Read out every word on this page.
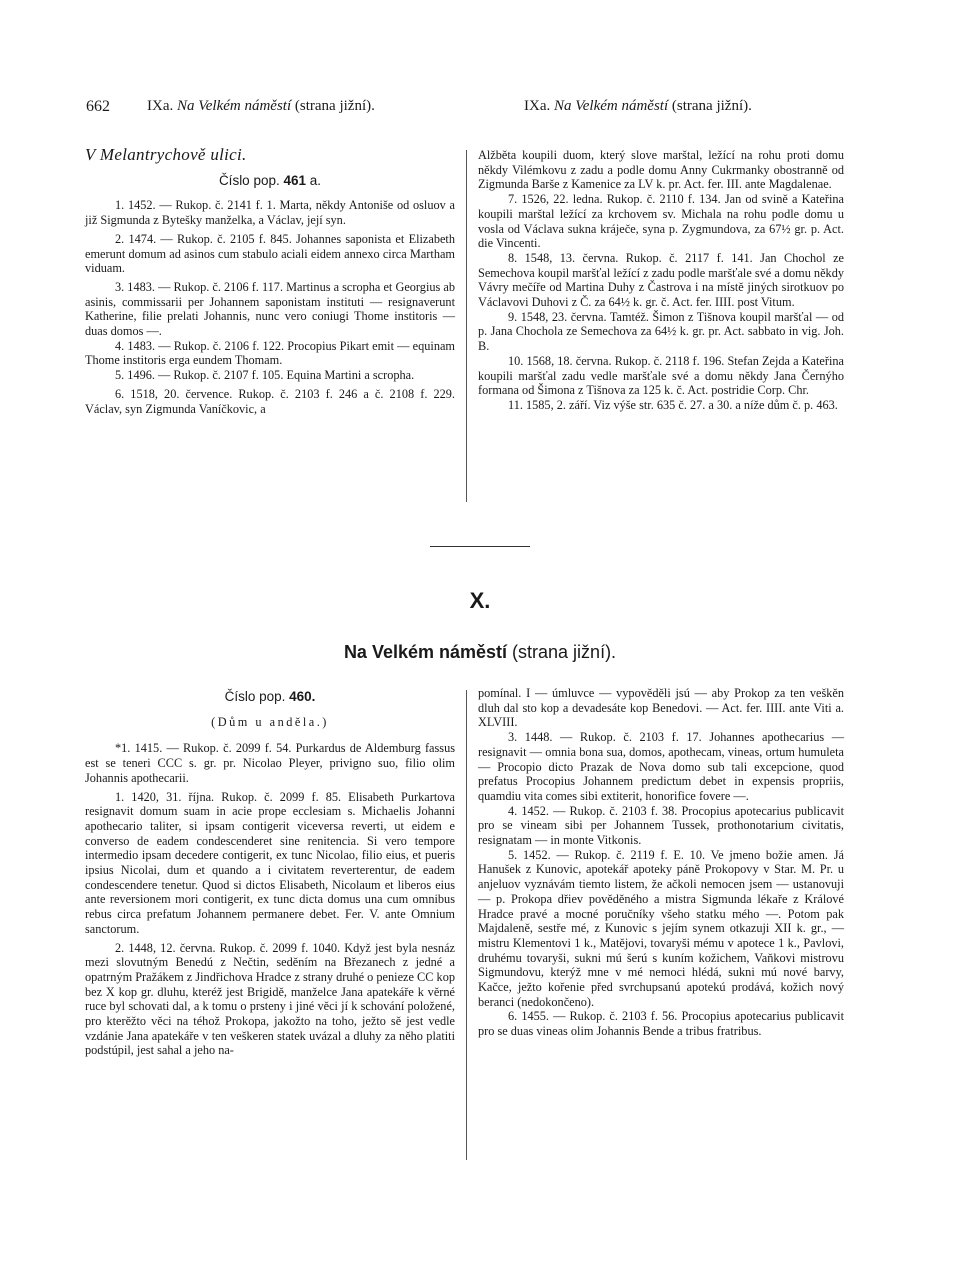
662 IXa. Na Velkém náměstí (strana jižní).	IXa. Na Velkém náměstí (strana jižní).

V Melantrychově ulici.

Číslo pop. 461 a.

1. 1452. — Rukop. č. 2141 f. 1. Marta, někdy Antoniše od osluov a již Sigmunda z Bytešky manželka, a Václav, její syn.

2. 1474. — Rukop. č. 2105 f. 845. Johannes saponista et Elizabeth emerunt domum ad asinos cum stabulo aciali eidem annexo circa Martham viduam.

3. 1483. — Rukop. č. 2106 f. 117. Martinus a scropha et Georgius ab asinis, commissarii per Johannem saponistam instituti — resignaverunt Katherine, filie prelati Johannis, nunc vero coniugi Thome institoris — duas domos —.

4. 1483. — Rukop. č. 2106 f. 122. Procopius Pikart emit — equinam Thome institoris erga eundem Thomam.

5. 1496. — Rukop. č. 2107 f. 105. Equina Martini a scropha.

6. 1518, 20. července. Rukop. č. 2103 f. 246 a č. 2108 f. 229. Václav, syn Zigmunda Vaníčkovic, a

Alžběta koupili duom, který slove marštal, ležící na rohu proti domu někdy Vilémkovu z zadu a podle domu Anny Cukrmanky obostranně od Zigmunda Barše z Kamenice za LV k. pr. Act. fer. III. ante Magdalenae.

7. 1526, 22. ledna. Rukop. č. 2110 f. 134. Jan od svině a Kateřina koupili marštal ležící za krchovem sv. Michala na rohu podle domu u vosla od Václava sukna kráječe, syna p. Zygmundova, za 67½ gr. p. Act. die Vincenti.

8. 1548, 13. června. Rukop. č. 2117 f. 141. Jan Chochol ze Semechova koupil maršťal ležící z zadu podle maršťale své a domu někdy Vávry mečíře od Martina Duhy z Častrova i na místě jiných sirotkuov po Václavovi Duhovi z Č. za 64½ k. gr. č. Act. fer. IIII. post Vitum.

9. 1548, 23. června. Tamtéž. Šimon z Tišnova koupil maršťal — od p. Jana Chochola ze Semechova za 64½ k. gr. pr. Act. sabbato in vig. Joh. B.

10. 1568, 18. června. Rukop. č. 2118 f. 196. Stefan Zejda a Kateřina koupili maršťal zadu vedle maršťale své a domu někdy Jana Černýho formana od Šimona z Tišnova za 125 k. č. Act. postridie Corp. Chr.

11. 1585, 2. září. Viz výše str. 635 č. 27. a 30. a níže dům č. p. 463.

X.
Na Velkém náměstí (strana jižní).
Číslo pop. 460.

(Dům u anděla.)

*1. 1415. — Rukop. č. 2099 f. 54. Purkardus de Aldemburg fassus est se teneri CCC s. gr. pr. Nicolao Pleyer, privigno suo, filio olim Johannis apothecarii.

1. 1420, 31. října. Rukop. č. 2099 f. 85. Elisabeth Purkartova resignavit domum suam in acie prope ecclesiam s. Michaelis Johanni apothecario taliter, si ipsam contigerit viceversa reverti, ut eidem e converso de eadem condescenderet sine renitencia. Si vero tempore intermedio ipsam decedere contigerit, ex tunc Nicolao, filio eius, et pueris ipsius Nicolai, dum et quando a i civitatem reverterentur, de eadem condescendere tenetur. Quod si dictos Elisabeth, Nicolaum et liberos eius ante reversionem mori contigerit, ex tunc dicta domus una cum omnibus rebus circa prefatum Johannem permanere debet. Fer. V. ante Omnium sanctorum.

2. 1448, 12. června. Rukop. č. 2099 f. 1040. Když jest byla nesnáz mezi slovutným Benedú z Nečtin, seděním na Březanech z jedné a opatrným Pražákem z Jindřichova Hradce z strany druhé o penieze CC kop bez X kop gr. dluhu, kteréž jest Brigidě, manželce Jana apatekáře k věrné ruce byl schovati dal, a k tomu o prsteny i jiné věci jí k schování položené, pro kterěžto věci na téhož Prokopa, jakožto na toho, ježto sě jest vedle vzdánie Jana apatekáře v ten veškeren statek uvázal a dluhy za něho platiti podstúpil, jest sahal a jeho na-

pomínal. I — úmluvce — vypověděli jsú — aby Prokop za ten veškěn dluh dal sto kop a devadesáte kop Benedovi. — Act. fer. IIII. ante Viti a. XLVIII.

3. 1448. — Rukop. č. 2103 f. 17. Johannes apothecarius — resignavit — omnia bona sua, domos, apothecam, vineas, ortum humuleta — Procopio dicto Prazak de Nova domo sub tali excepcione, quod prefatus Procopius Johannem predictum debet in expensis propriis, quamdiu vita comes sibi extiterit, honorifice fovere —.

4. 1452. — Rukop. č. 2103 f. 38. Procopius apotecarius publicavit pro se vineam sibi per Johannem Tussek, prothonotarium civitatis, resignatam — in monte Vitkonis.

5. 1452. — Rukop. č. 2119 f. E. 10. Ve jmeno božie amen. Já Hanušek z Kunovic, apotekář apoteky páně Prokopovy v Star. M. Pr. u anjeluov vyznávám tiemto listem, že ačkoli nemocen jsem — ustanovuji — p. Prokopa dřiev pověděného a mistra Sigmunda lékaře z Králové Hradce pravé a mocné poručníky všeho statku mého —. Potom pak Majdaleně, sestře mé, z Kunovic s jejím synem otkazuji XII k. gr., — mistru Klementovi 1 k., Matějovi, tovaryši mému v apotece 1 k., Pavlovi, druhému tovaryši, sukni mú šerú s kuním kožichem, Vaňkovi mistrovu Sigmundovu, kterýž mne v mé nemoci hlédá, sukni mú nové barvy, Kačce, ježto kořenie před svrchupsanú apotekú prodává, kožich nový beranci (nedokončeno).

6. 1455. — Rukop. č. 2103 f. 56. Procopius apotecarius publicavit pro se duas vineas olim Johannis Bende a tribus fratribus.
